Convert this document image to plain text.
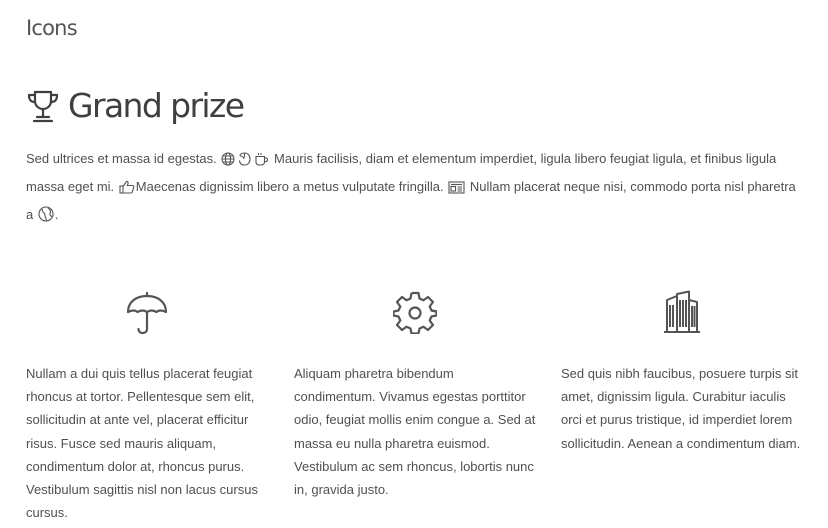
Icons
Grand prize

Sed ultrices et massa id egestas.	Mauris facilisis, diam et elementum imperdiet, ligula libero feugiat ligula, et finibus ligula massa eget mi. Maecenas dignissim libero a metus vulputate fringilla. Nullam placerat neque nisi, commodo porta nisl pharetra a .

Nullam a dui quis tellus placerat feugiat rhoncus at tortor. Pellentesque sem elit, sollicitudin at ante vel, placerat efficitur risus. Fusce sed mauris aliquam, condimentum dolor at, rhoncus purus. Vestibulum sagittis nisl non lacus cursus cursus.

Aliquam pharetra bibendum condimentum. Vivamus egestas porttitor odio, feugiat mollis enim congue a. Sed at massa eu nulla pharetra euismod. Vestibulum ac sem rhoncus, lobortis nunc in, gravida justo.

Sed quis nibh faucibus, posuere turpis sit amet, dignissim ligula. Curabitur iaculis orci et purus tristique, id imperdiet lorem sollicitudin. Aenean a condimentum diam.
